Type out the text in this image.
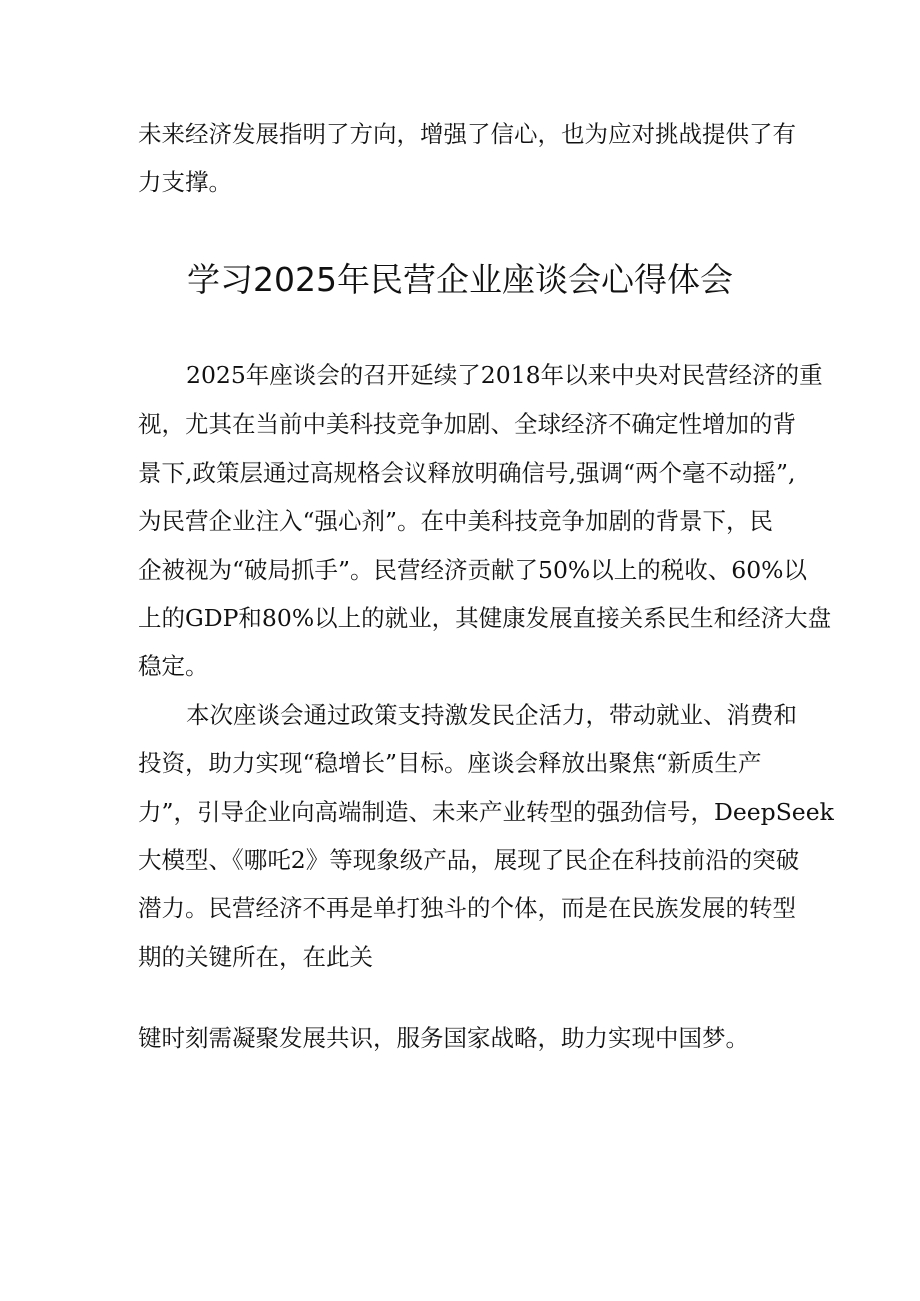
未来经济发展指明了方向，增强了信心，也为应对挑战提供了有
力支撑。
学习2025年民营企业座谈会心得体会
2025年座谈会的召开延续了2018年以来中央对民营经济的重
视，尤其在当前中美科技竞争加剧、全球经济不确定性增加的背
景下,政策层通过高规格会议释放明确信号,强调“两个毫不动摇”,
为民营企业注入“强心剂”。在中美科技竞争加剧的背景下，民
企被视为“破局抓手”。民营经济贡献了50%以上的税收、60%以
上的GDP和80%以上的就业，其健康发展直接关系民生和经济大盘
稳定。
本次座谈会通过政策支持激发民企活力，带动就业、消费和
投资，助力实现“稳增长”目标。座谈会释放出聚焦“新质生产
力”，引导企业向高端制造、未来产业转型的强劲信号，DeepSeek
大模型、《哪吒2》等现象级产品，展现了民企在科技前沿的突破
潜力。民营经济不再是单打独斗的个体，而是在民族发展的转型
期的关键所在，在此关
键时刻需凝聚发展共识，服务国家战略，助力实现中国梦。
